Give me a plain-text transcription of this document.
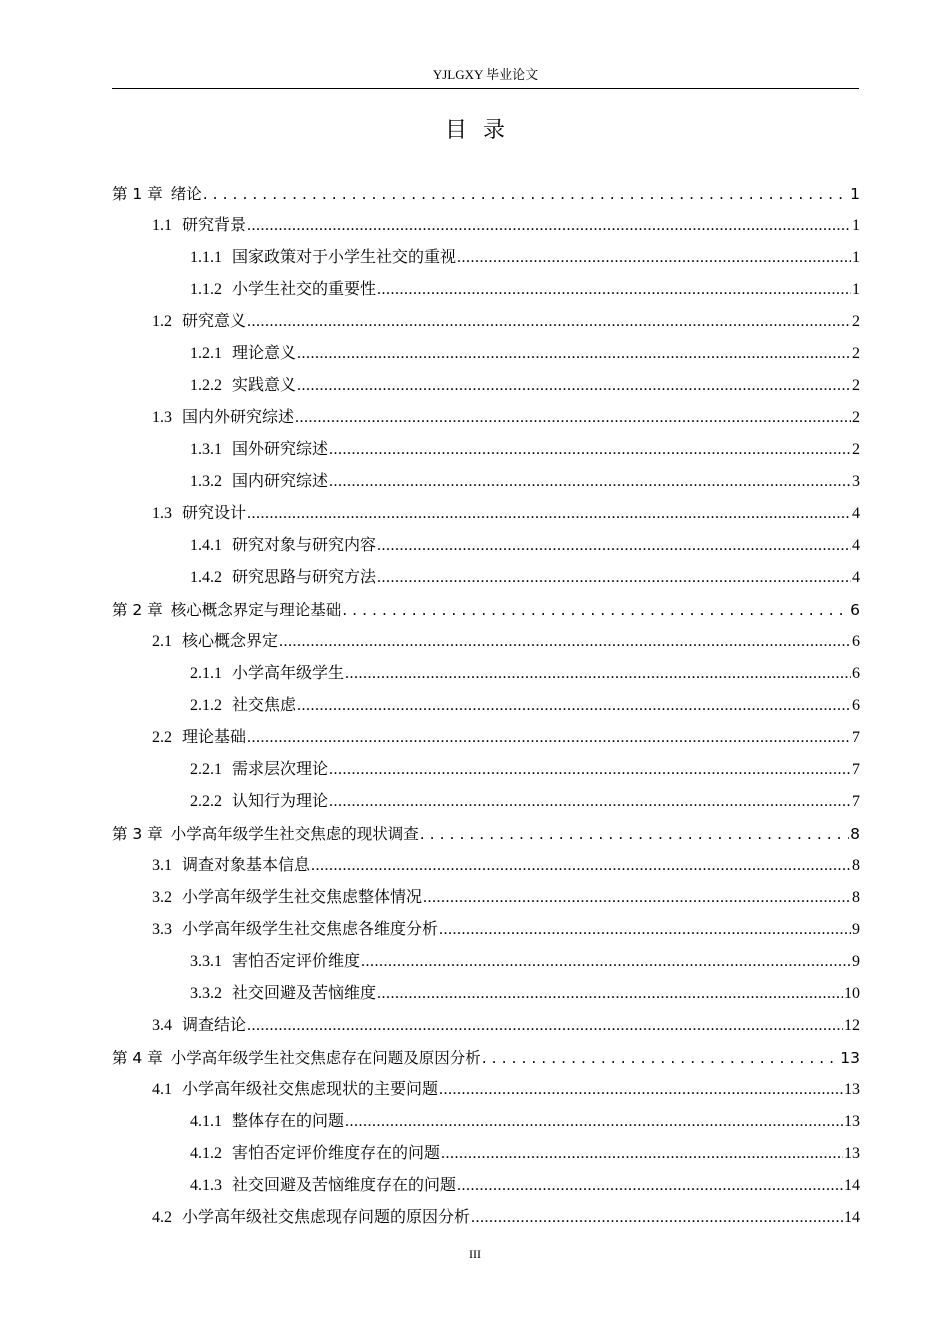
YJLGXY 毕业论文
目录
第 1 章 绪论 .....	1
1.1 研究背景 .....	1
1.1.1 国家政策对于小学生社交的重视 .....	1
1.1.2 小学生社交的重要性 .....	1
1.2 研究意义 .....	2
1.2.1 理论意义 .....	2
1.2.2 实践意义 .....	2
1.3 国内外研究综述 .....	2
1.3.1 国外研究综述 .....	2
1.3.2 国内研究综述 .....	3
1.3 研究设计 .....	4
1.4.1 研究对象与研究内容 .....	4
1.4.2 研究思路与研究方法 .....	4
第 2 章 核心概念界定与理论基础 .....	6
2.1 核心概念界定 .....	6
2.1.1 小学高年级学生 .....	6
2.1.2 社交焦虑 .....	6
2.2 理论基础 .....	7
2.2.1 需求层次理论 .....	7
2.2.2 认知行为理论 .....	7
第 3 章 小学高年级学生社交焦虑的现状调查 .....	8
3.1 调查对象基本信息 .....	8
3.2 小学高年级学生社交焦虑整体情况 .....	8
3.3 小学高年级学生社交焦虑各维度分析 .....	9
3.3.1 害怕否定评价维度 .....	9
3.3.2 社交回避及苦恼维度 .....	10
3.4 调查结论 .....	12
第 4 章 小学高年级学生社交焦虑存在问题及原因分析 .....	13
4.1 小学高年级社交焦虑现状的主要问题 .....	13
4.1.1 整体存在的问题 .....	13
4.1.2 害怕否定评价维度存在的问题 .....	13
4.1.3 社交回避及苦恼维度存在的问题 .....	14
4.2 小学高年级社交焦虑现存问题的原因分析 .....	14
III
